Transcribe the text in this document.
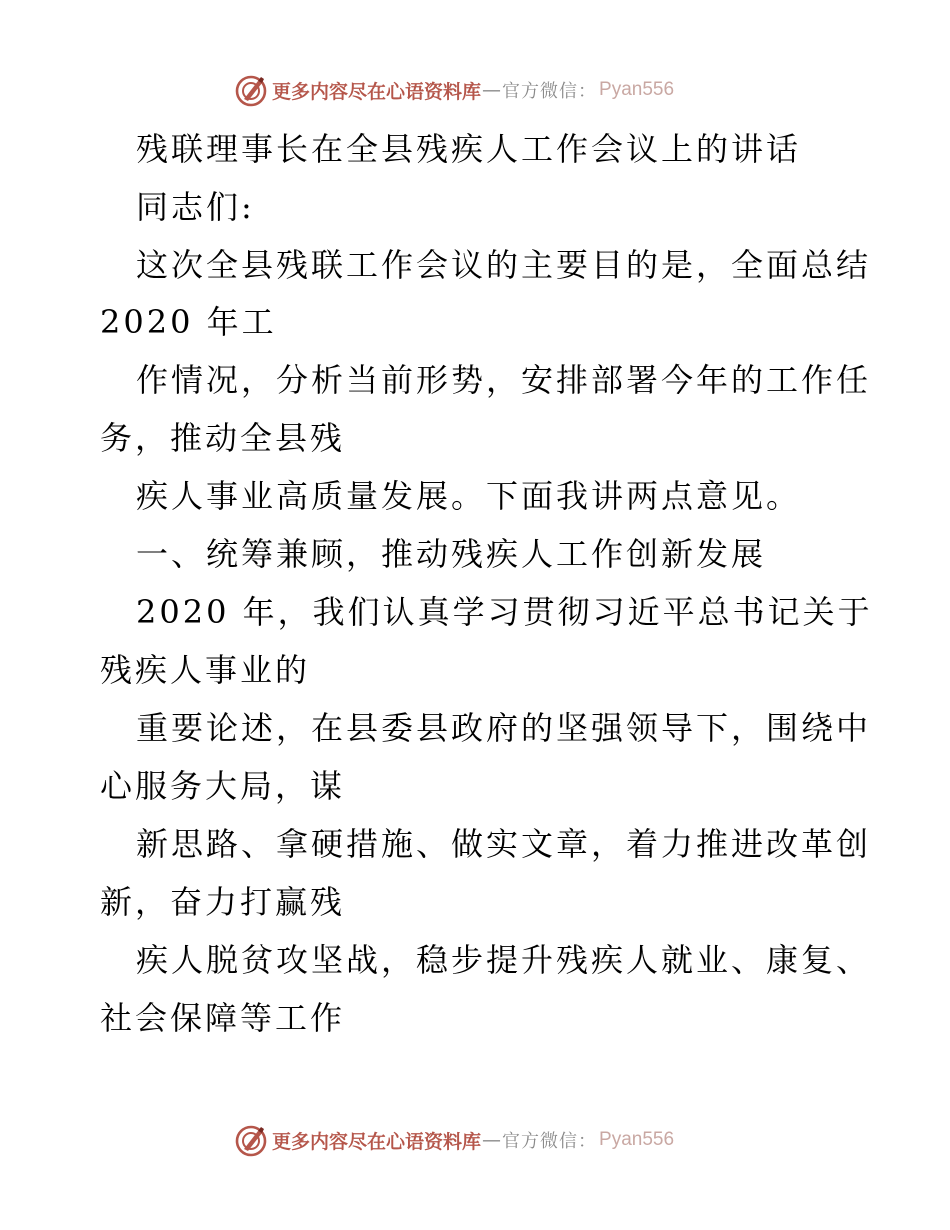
更多内容尽在心语资料库 — 官方微信： Pyan556
残联理事长在全县残疾人工作会议上的讲话
同志们:
这次全县残联工作会议的主要目的是，全面总结
2020 年工
作情况，分析当前形势，安排部署今年的工作任
务，推动全县残
疾人事业高质量发展。下面我讲两点意见。
一、统筹兼顾，推动残疾人工作创新发展
2020 年，我们认真学习贯彻习近平总书记关于
残疾人事业的
重要论述，在县委县政府的坚强领导下，围绕中
心服务大局，谋
新思路、拿硬措施、做实文章，着力推进改革创
新，奋力打赢残
疾人脱贫攻坚战，稳步提升残疾人就业、康复、
社会保障等工作
更多内容尽在心语资料库 — 官方微信： Pyan556
